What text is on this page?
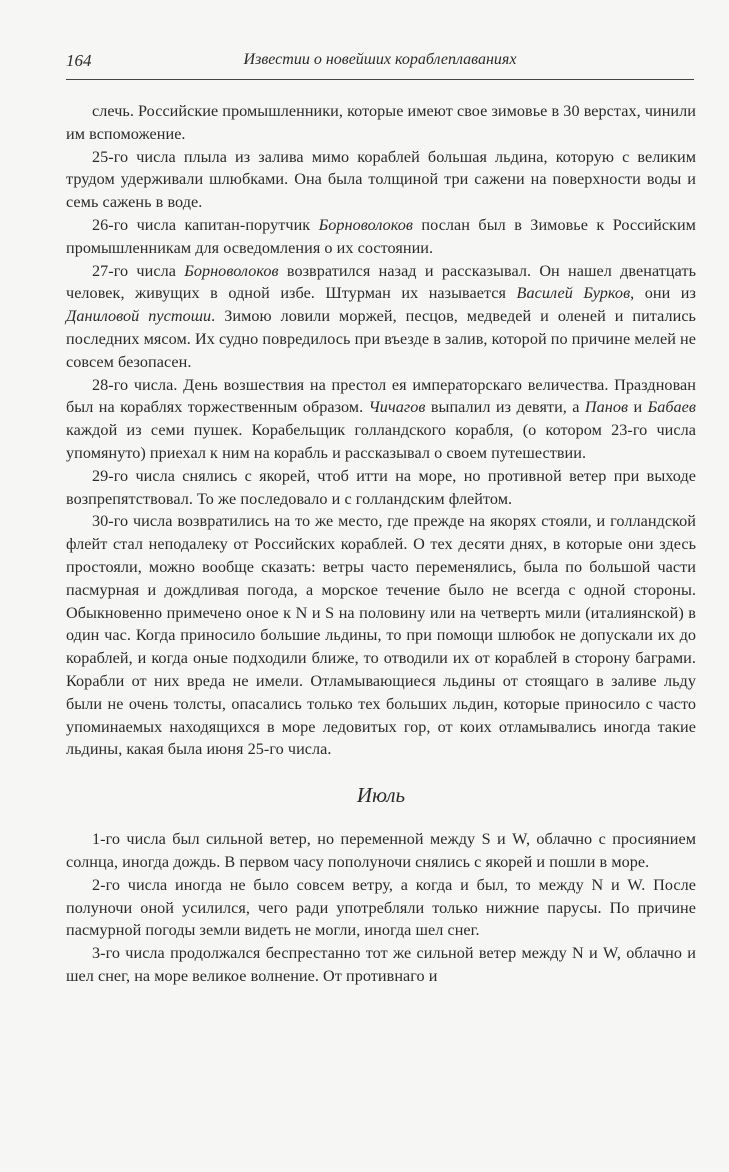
164	Известии о новейших кораблеплаваниях

слечь. Российские промышленники, которые имеют свое зимовье в 30 верстах, чинили им вспоможение.

25-го числа плыла из залива мимо кораблей большая льдина, которую с великим трудом удерживали шлюбками. Она была толщиной три сажени на поверхности воды и семь сажень в воде.

26-го числа капитан-порутчик Борноволоков послан был в Зимовье к Российским промышленникам для осведомления о их состоянии.

27-го числа Борноволоков возвратился назад и рассказывал. Он нашел двенатцать человек, живущих в одной избе. Штурман их называется Василей Бурков, они из Даниловой пустоши. Зимою ловили моржей, песцов, медведей и оленей и питались последних мясом. Их судно повредилось при въезде в залив, которой по причине мелей не совсем безопасен.

28-го числа. День возшествия на престол ея императорскаго величества. Празднован был на кораблях торжественным образом. Чичагов выпалил из девяти, а Панов и Бабаев каждой из семи пушек. Корабельщик голландского корабля, (о котором 23-го числа упомянуто) приехал к ним на корабль и рассказывал о своем путешествии.

29-го числа снялись с якорей, чтоб итти на море, но противной ветер при выходе возпрепятствовал. То же последовало и с голландским флейтом.

30-го числа возвратились на то же место, где прежде на якорях стояли, и голландской флейт стал неподалеку от Российских кораблей. О тех десяти днях, в которые они здесь простояли, можно вообще сказать: ветры часто переменялись, была по большой части пасмурная и дождливая погода, а морское течение было не всегда с одной стороны. Обыкновенно примечено оное к N и S на половину или на четверть мили (италиянской) в один час. Когда приносило большие льдины, то при помощи шлюбок не допускали их до кораблей, и когда оные подходили ближе, то отводили их от кораблей в сторону баграми. Корабли от них вреда не имели. Отламывающиеся льдины от стоящаго в заливе льду были не очень толсты, опасались только тех больших льдин, которые приносило с часто упоминаемых находящихся в море ледовитых гор, от коих отламывались иногда такие льдины, какая была июня 25-го числа.

Июль

1-го числа был сильной ветер, но переменной между S и W, облачно с просиянием солнца, иногда дождь. В первом часу пополуночи снялись с якорей и пошли в море.

2-го числа иногда не было совсем ветру, а когда и был, то между N и W. После полуночи оной усилился, чего ради употребляли только нижние парусы. По причине пасмурной погоды земли видеть не могли, иногда шел снег.

3-го числа продолжался беспрестанно тот же сильной ветер между N и W, облачно и шел снег, на море великое волнение. От противнаго и
